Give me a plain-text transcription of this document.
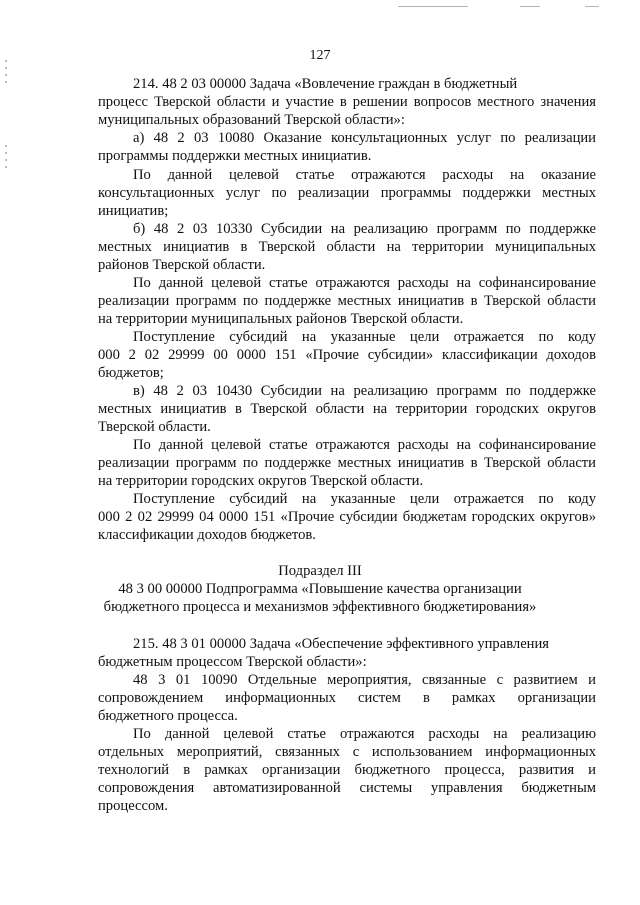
127
214. 48 2 03 00000 Задача «Вовлечение граждан в бюджетный
процесс Тверской области и участие в решении вопросов местного значения
муниципальных образований Тверской области»:
а) 48 2 03 10080 Оказание консультационных услуг по реализации
программы поддержки местных инициатив.
По данной целевой статье отражаются расходы на оказание
консультационных услуг по реализации программы поддержки местных
инициатив;
б) 48 2 03 10330 Субсидии на реализацию программ по поддержке
местных инициатив в Тверской области на территории муниципальных
районов Тверской области.
По данной целевой статье отражаются расходы на софинансирование
реализации программ по поддержке местных инициатив в Тверской области
на территории муниципальных районов Тверской области.
Поступление субсидий на указанные цели отражается по коду
000 2 02 29999 00 0000 151 «Прочие субсидии» классификации доходов
бюджетов;
в) 48 2 03 10430 Субсидии на реализацию программ по поддержке
местных инициатив в Тверской области на территории городских округов
Тверской области.
По данной целевой статье отражаются расходы на софинансирование
реализации программ по поддержке местных инициатив в Тверской области
на территории городских округов Тверской области.
Поступление субсидий на указанные цели отражается по коду
000 2 02 29999 04 0000 151 «Прочие субсидии бюджетам городских округов»
классификации доходов бюджетов.
Подраздел III
48 3 00 00000 Подпрограмма «Повышение качества организации
бюджетного процесса и механизмов эффективного бюджетирования»
215. 48 3 01 00000 Задача «Обеспечение эффективного управления
бюджетным процессом Тверской области»:
48 3 01 10090 Отдельные мероприятия, связанные с развитием и
сопровождением информационных систем в рамках организации
бюджетного процесса.
По данной целевой статье отражаются расходы на реализацию
отдельных мероприятий, связанных с использованием информационных
технологий в рамках организации бюджетного процесса, развития и
сопровождения автоматизированной системы управления бюджетным
процессом.
